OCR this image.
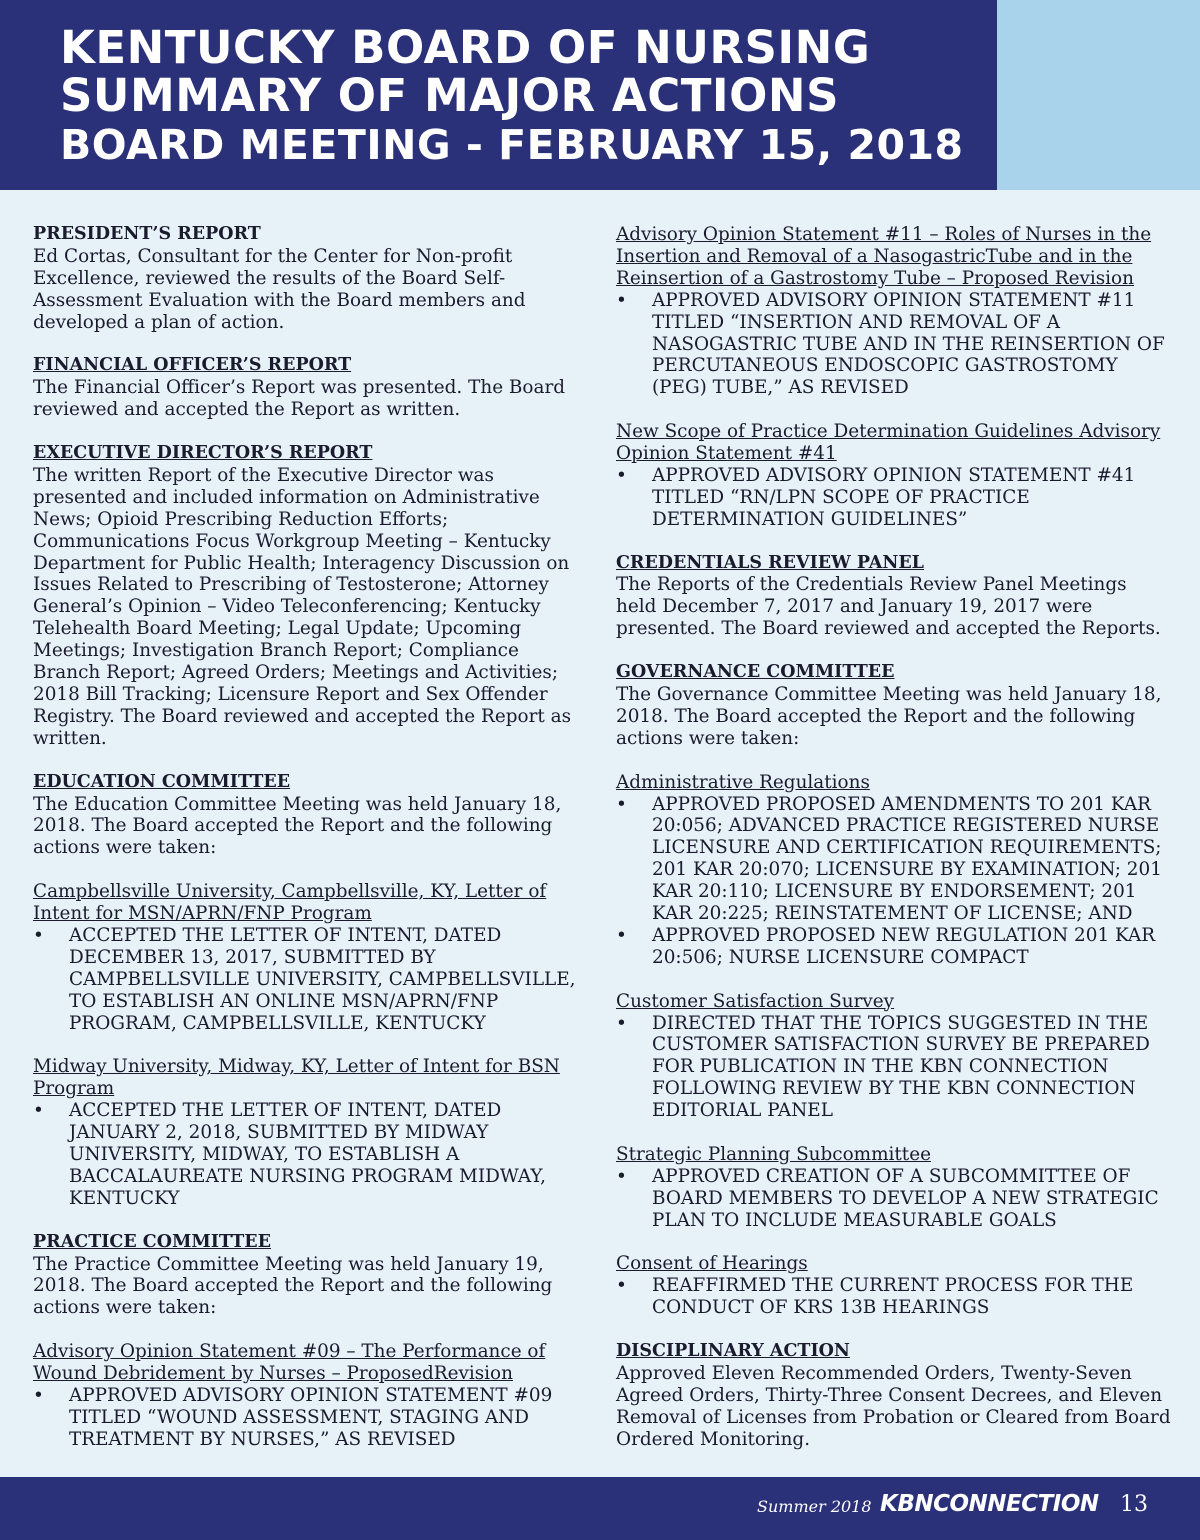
KENTUCKY BOARD OF NURSING
SUMMARY OF MAJOR ACTIONS
BOARD MEETING - FEBRUARY 15, 2018
PRESIDENT’S REPORT

Ed Cortas, Consultant for the Center for Non-profit Excellence, reviewed the results of the Board Self-Assessment Evaluation with the Board members and developed a plan of action.

FINANCIAL OFFICER’S REPORT

The Financial Officer’s Report was presented. The Board reviewed and accepted the Report as written.

EXECUTIVE DIRECTOR’S REPORT

The written Report of the Executive Director was presented and included information on Administrative News; Opioid Prescribing Reduction Efforts; Communications Focus Workgroup Meeting – Kentucky Department for Public Health; Interagency Discussion on Issues Related to Prescribing of Testosterone; Attorney General’s Opinion – Video Teleconferencing; Kentucky Telehealth Board Meeting; Legal Update; Upcoming Meetings; Investigation Branch Report; Compliance Branch Report; Agreed Orders; Meetings and Activities; 2018 Bill Tracking; Licensure Report and Sex Offender Registry. The Board reviewed and accepted the Report as written.

EDUCATION COMMITTEE

The Education Committee Meeting was held January 18, 2018. The Board accepted the Report and the following actions were taken:

Campbellsville University, Campbellsville, KY, Letter of Intent for MSN/APRN/FNP Program
• ACCEPTED THE LETTER OF INTENT, DATED DECEMBER 13, 2017, SUBMITTED BY CAMPBELLSVILLE UNIVERSITY, CAMPBELLSVILLE, TO ESTABLISH AN ONLINE MSN/APRN/FNP PROGRAM, CAMPBELLSVILLE, KENTUCKY
Midway University, Midway, KY, Letter of Intent for BSN Program
• ACCEPTED THE LETTER OF INTENT, DATED JANUARY 2, 2018, SUBMITTED BY MIDWAY UNIVERSITY, MIDWAY, TO ESTABLISH A BACCALAUREATE NURSING PROGRAM MIDWAY, KENTUCKY
PRACTICE COMMITTEE

The Practice Committee Meeting was held January 19, 2018. The Board accepted the Report and the following actions were taken:

Advisory Opinion Statement #09 – The Performance of Wound Debridement by Nurses – ProposedRevision
• APPROVED ADVISORY OPINION STATEMENT #09 TITLED “WOUND ASSESSMENT, STAGING AND TREATMENT BY NURSES,” AS REVISED
Advisory Opinion Statement #11 – Roles of Nurses in the Insertion and Removal of a NasogastricTube and in the Reinsertion of a Gastrostomy Tube – Proposed Revision
• APPROVED ADVISORY OPINION STATEMENT #11 TITLED “INSERTION AND REMOVAL OF A NASOGASTRIC TUBE AND IN THE REINSERTION OF PERCUTANEOUS ENDOSCOPIC GASTROSTOMY (PEG) TUBE,” AS REVISED
New Scope of Practice Determination Guidelines Advisory Opinion Statement #41
• APPROVED ADVISORY OPINION STATEMENT #41 TITLED “RN/LPN SCOPE OF PRACTICE DETERMINATION GUIDELINES”
CREDENTIALS REVIEW PANEL

The Reports of the Credentials Review Panel Meetings held December 7, 2017 and January 19, 2017 were presented. The Board reviewed and accepted the Reports.

GOVERNANCE COMMITTEE

The Governance Committee Meeting was held January 18, 2018. The Board accepted the Report and the following actions were taken:

Administrative Regulations
• APPROVED PROPOSED AMENDMENTS TO 201 KAR 20:056; ADVANCED PRACTICE REGISTERED NURSE LICENSURE AND CERTIFICATION REQUIREMENTS; 201 KAR 20:070; LICENSURE BY EXAMINATION; 201 KAR 20:110; LICENSURE BY ENDORSEMENT; 201 KAR 20:225; REINSTATEMENT OF LICENSE; AND
• APPROVED PROPOSED NEW REGULATION 201 KAR 20:506; NURSE LICENSURE COMPACT
Customer Satisfaction Survey
• DIRECTED THAT THE TOPICS SUGGESTED IN THE CUSTOMER SATISFACTION SURVEY BE PREPARED FOR PUBLICATION IN THE KBN CONNECTION FOLLOWING REVIEW BY THE KBN CONNECTION EDITORIAL PANEL
Strategic Planning Subcommittee
• APPROVED CREATION OF A SUBCOMMITTEE OF BOARD MEMBERS TO DEVELOP A NEW STRATEGIC PLAN TO INCLUDE MEASURABLE GOALS
Consent of Hearings
• REAFFIRMED THE CURRENT PROCESS FOR THE CONDUCT OF KRS 13B HEARINGS
DISCIPLINARY ACTION

Approved Eleven Recommended Orders, Twenty-Seven Agreed Orders, Thirty-Three Consent Decrees, and Eleven Removal of Licenses from Probation or Cleared from Board Ordered Monitoring.

Summer 2018 KBNCONNECTION 13
